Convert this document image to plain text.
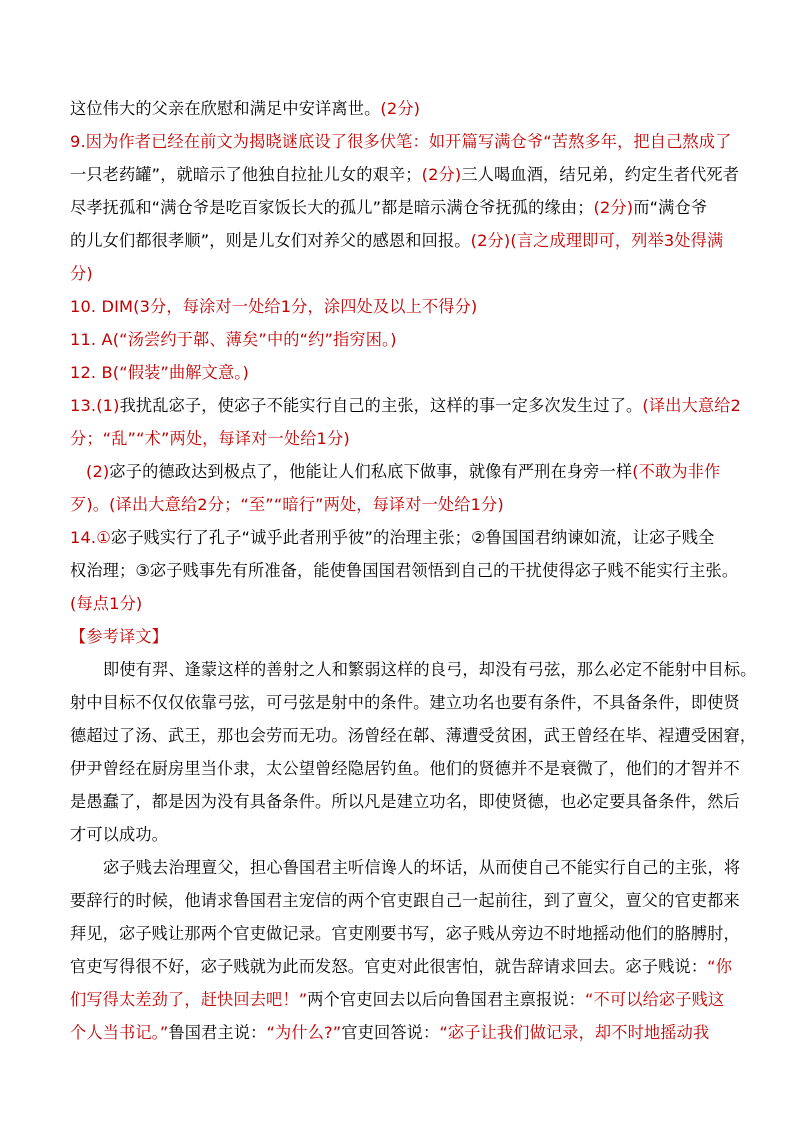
这位伟大的父亲在欣慰和满足中安详离世。(2分)
9.因为作者已经在前文为揭晓谜底设了很多伏笔：如开篇写满仓爷“苦熬多年，把自己熬成了
一只老药罐”，就暗示了他独自拉扯儿女的艰辛；(2分)三人喝血酒，结兄弟，约定生者代死者
尽孝抚孤和“满仓爷是吃百家饭长大的孤儿”都是暗示满仓爷抚孤的缘由；(2分)而“满仓爷
的儿女们都很孝顺”，则是儿女们对养父的感恩和回报。(2分)(言之成理即可，列举3处得满
分)
10. DIM(3分，每涂对一处给1分，涂四处及以上不得分)
11. A(“汤尝约于郼、薄矣”中的“约”指穷困。)
12. B(“假装”曲解文意。)
13.(1)我扰乱宓子，使宓子不能实行自己的主张，这样的事一定多次发生过了。(译出大意给2
分；“乱”“术”两处，每译对一处给1分)
(2)宓子的德政达到极点了，他能让人们私底下做事，就像有严刑在身旁一样(不敢为非作
歹)。(译出大意给2分；“至”“暗行”两处，每译对一处给1分)
14.①宓子贱实行了孔子“诚乎此者刑乎彼”的治理主张；②鲁国国君纳谏如流，让宓子贱全
权治理；③宓子贱事先有所准备，能使鲁国国君领悟到自己的干扰使得宓子贱不能实行主张。
(每点1分)
【参考译文】
即使有羿、逢蒙这样的善射之人和繁弱这样的良弓，却没有弓弦，那么必定不能射中目标。
射中目标不仅仅依靠弓弦，可弓弦是射中的条件。建立功名也要有条件，不具备条件，即使贤
德超过了汤、武王，那也会劳而无功。汤曾经在郼、薄遭受贫困，武王曾经在毕、裎遭受困窘，
伊尹曾经在厨房里当仆隶，太公望曾经隐居钓鱼。他们的贤德并不是衰微了，他们的才智并不
是愚蠢了，都是因为没有具备条件。所以凡是建立功名，即使贤德，也必定要具备条件，然后
才可以成功。
宓子贱去治理亶父，担心鲁国君主听信谗人的坏话，从而使自己不能实行自己的主张，将
要辞行的时候，他请求鲁国君主宠信的两个官吏跟自己一起前往，到了亶父，亶父的官吏都来
拜见，宓子贱让那两个官吏做记录。官吏刚要书写，宓子贱从旁边不时地摇动他们的胳膊肘，
官吏写得很不好，宓子贱就为此而发怒。官吏对此很害怕，就告辞请求回去。宓子贱说：“你
们写得太差劲了，赶快回去吧！”两个官吏回去以后向鲁国君主禀报说：“不可以给宓子贱这
个人当书记。”鲁国君主说：“为什么?”官吏回答说：“宓子让我们做记录，却不时地摇动我
